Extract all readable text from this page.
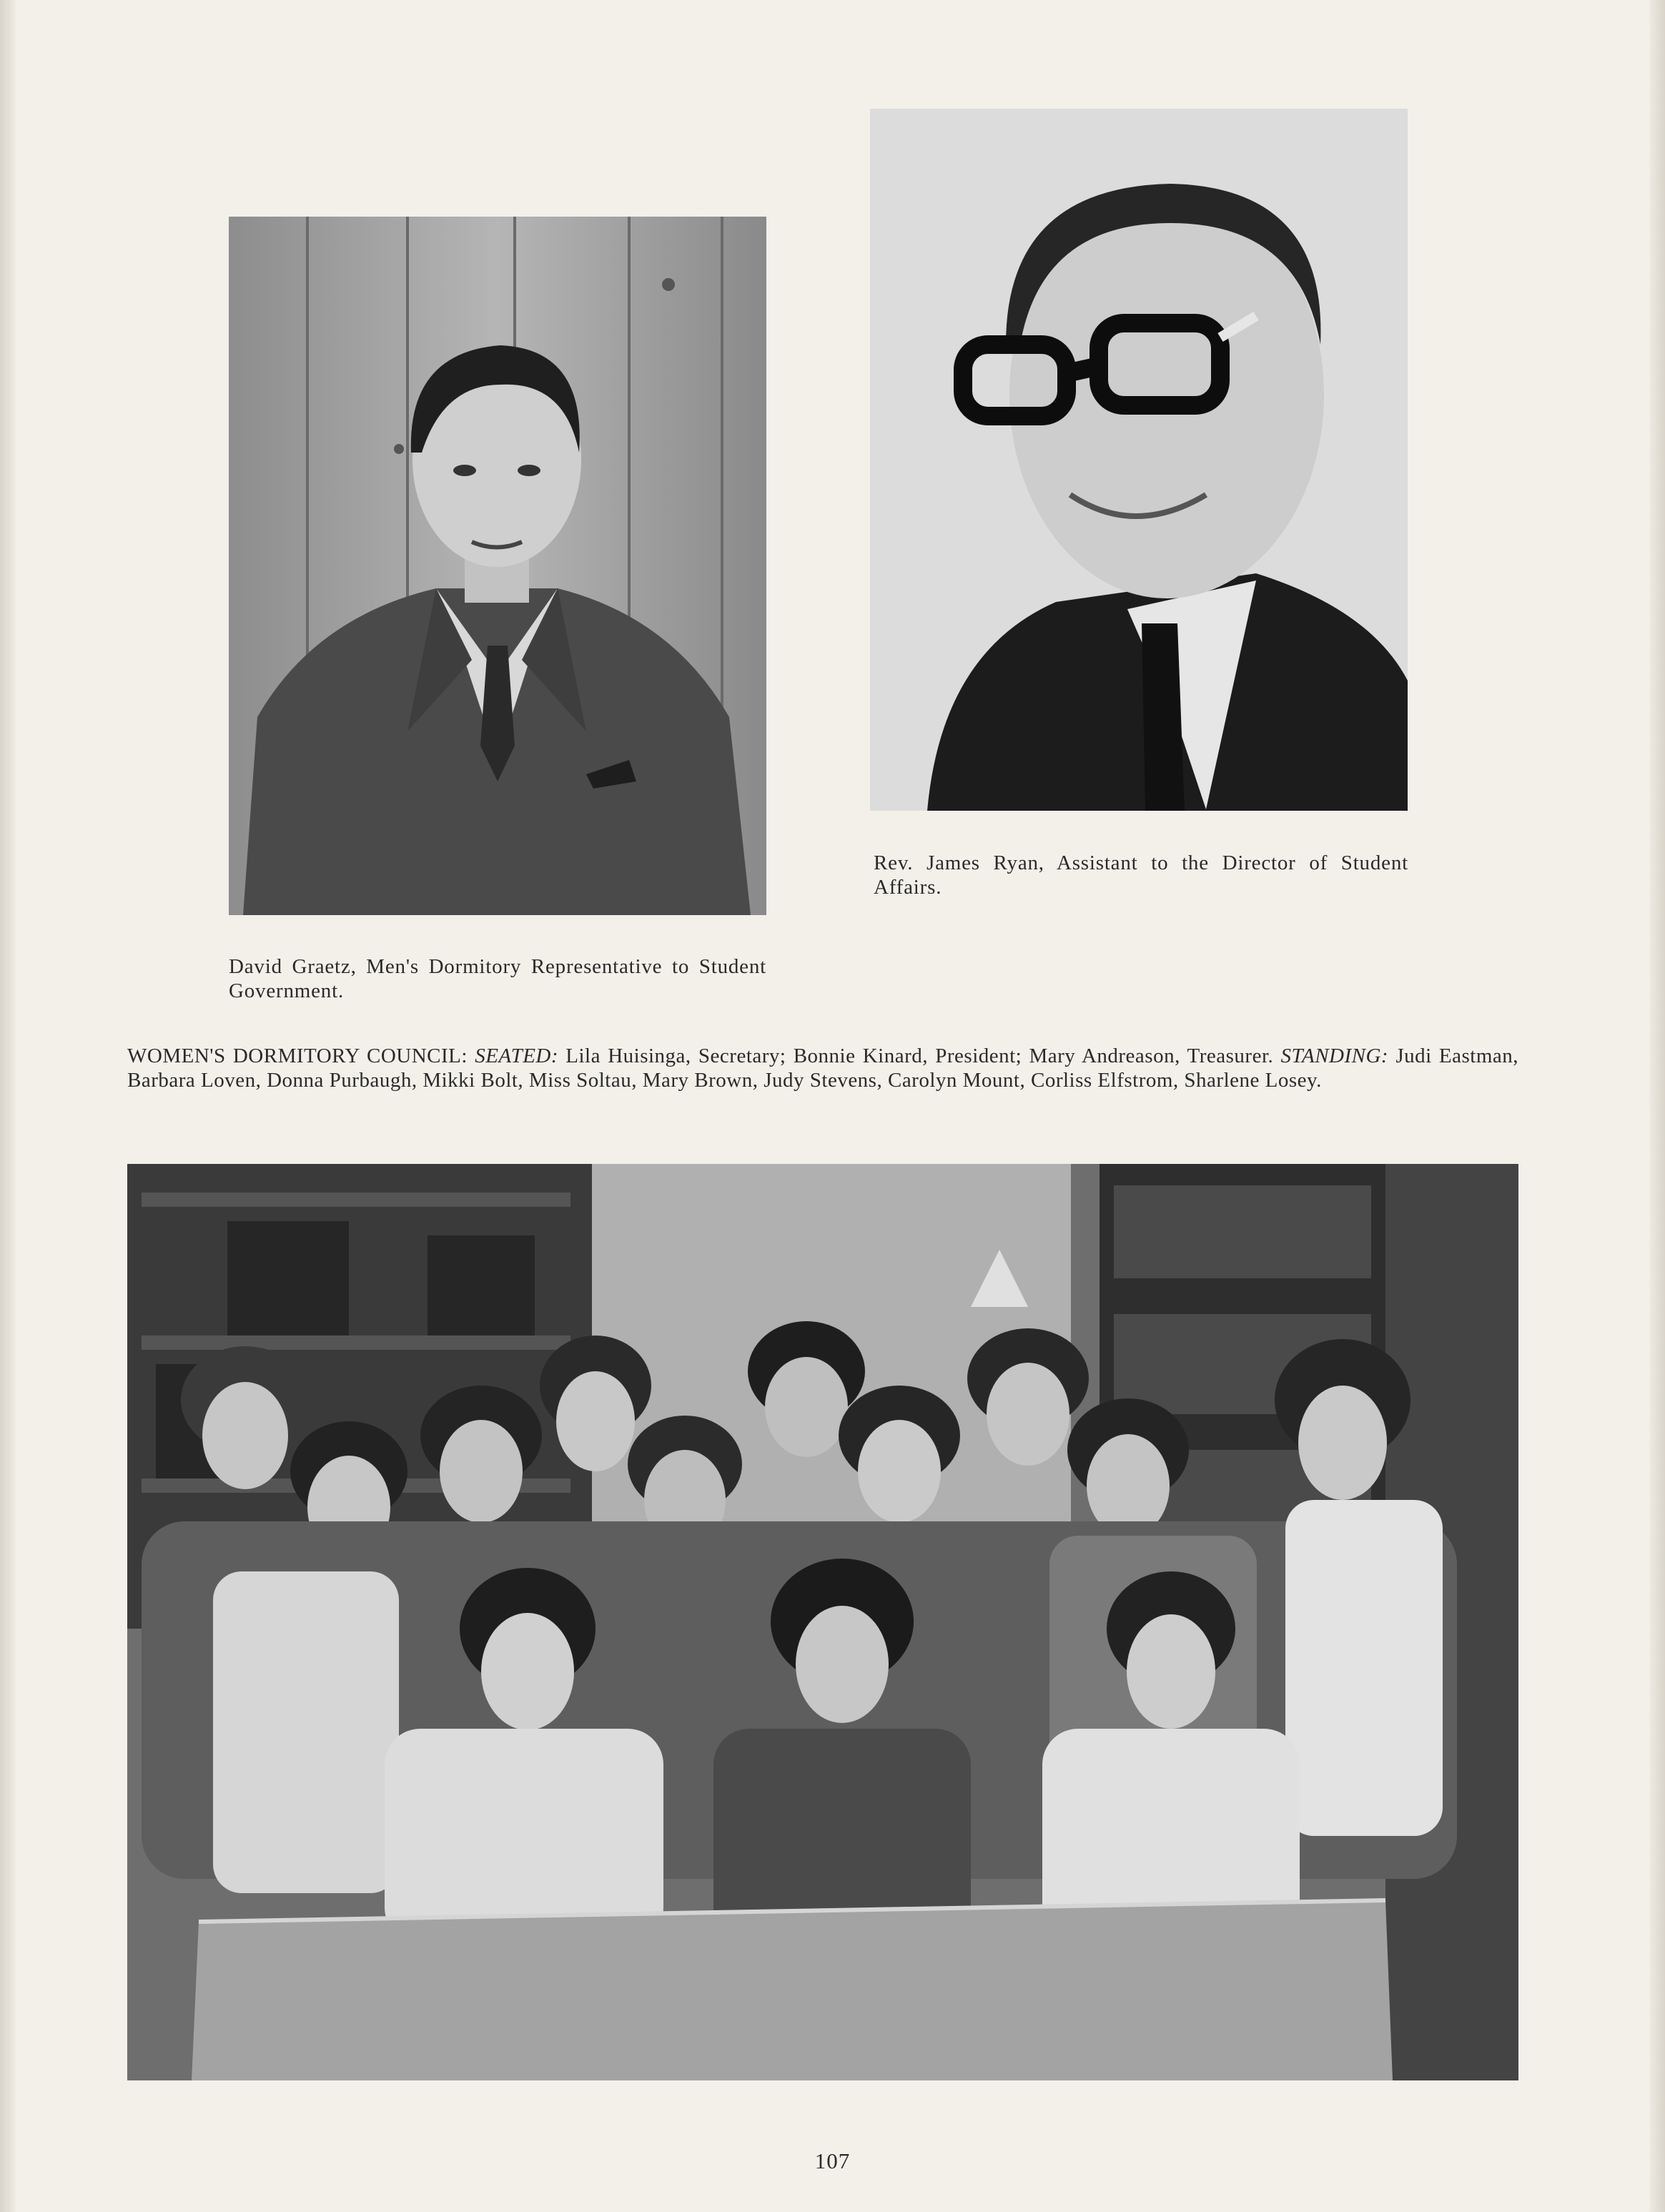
Rev. James Ryan, Assistant to the Director of Student Affairs.
David Graetz, Men's Dormitory Representative to Student Government.
WOMEN'S DORMITORY COUNCIL: SEATED: Lila Huisinga, Secretary; Bonnie Kinard, President; Mary Andreason, Treasurer. STANDING: Judi Eastman, Barbara Loven, Donna Purbaugh, Mikki Bolt, Miss Soltau, Mary Brown, Judy Stevens, Carolyn Mount, Corliss Elfstrom, Sharlene Losey.
107
